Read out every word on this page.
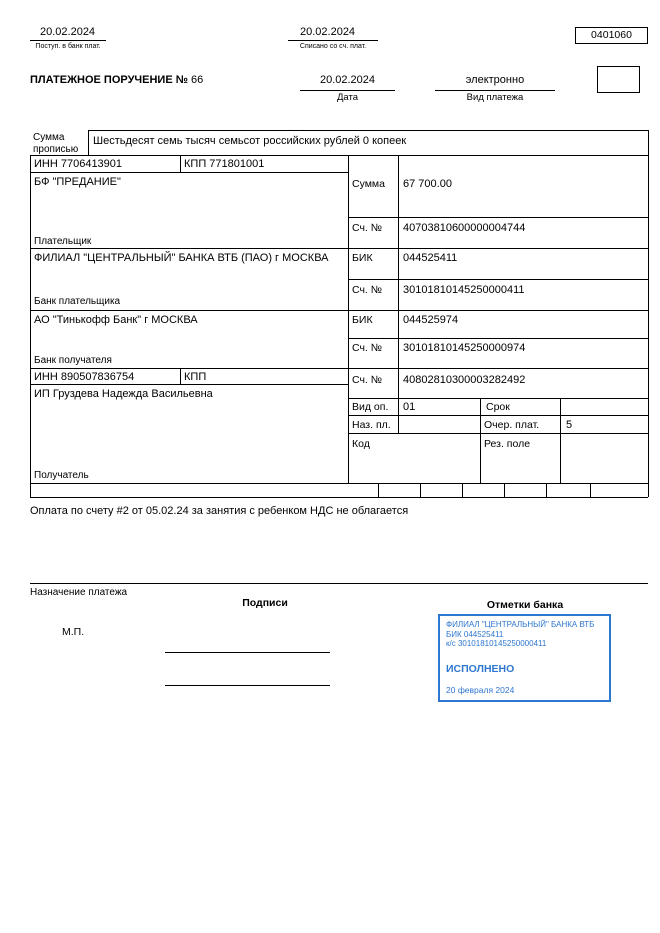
20.02.2024
Поступ. в банк плат.
20.02.2024
Списано со сч. плат.
0401060
ПЛАТЕЖНОЕ ПОРУЧЕНИЕ № 66	20.02.2024
Дата
электронно
Вид платежа
Сумма прописью
Шестьдесят семь тысяч семьсот российских рублей 0 копеек
ИНН 7706413901	КПП 771801001
БФ "ПРЕДАНИЕ"
Плательщик
Сумма 67 700.00
Сч. № 40703810600000004744
ФИЛИАЛ "ЦЕНТРАЛЬНЫЙ" БАНКА ВТБ (ПАО) г МОСКВА
Банк плательщика
БИК	044525411
Сч. № 30101810145250000411
АО "Тинькофф Банк" г МОСКВА
Банк получателя
БИК	044525974
Сч. № 30101810145250000974
ИНН 890507836754	КПП	Сч. № 40802810300003282492
ИП Груздева Надежда Васильевна
Получатель
Вид оп. 01	Срок
Наз. пл.	Очер. плат. 5
Код	Рез. поле
Оплата по счету #2 от 05.02.24 за занятия с ребенком НДС не облагается
Назначение платежа
Подписи	Отметки банка
М.П.
ФИЛИАЛ "ЦЕНТРАЛЬНЫЙ" БАНКА ВТБ
БИК 044525411
к/с 30101810145250000411
ИСПОЛНЕНО
20 февраля 2024
